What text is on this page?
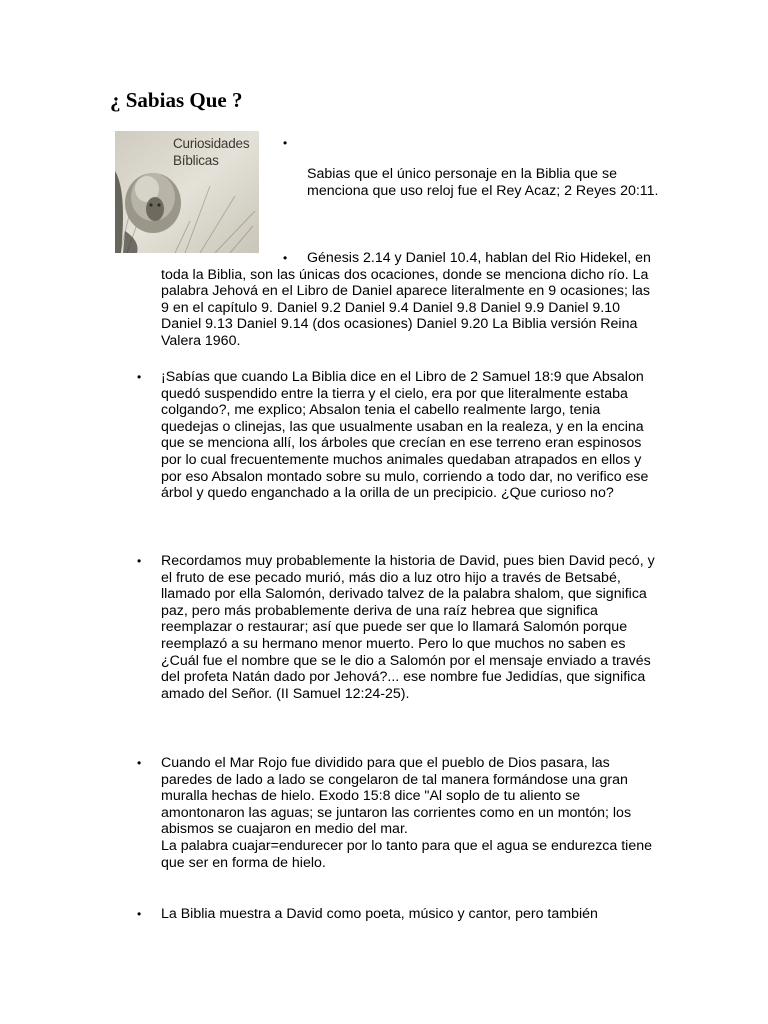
¿ Sabias Que ?
Curiosidades
Bíblicas
•

Sabias que el único personaje en la Biblia que se menciona que uso reloj fue el Rey Acaz; 2 Reyes 20:11.

•	Génesis 2.14 y Daniel 10.4, hablan del Rio Hidekel, en toda la Biblia, son las únicas dos ocaciones, donde se menciona dicho río. La palabra Jehová en el Libro de Daniel aparece literalmente en 9 ocasiones; las 9 en el capítulo 9. Daniel 9.2 Daniel 9.4 Daniel 9.8 Daniel 9.9 Daniel 9.10 Daniel 9.13 Daniel 9.14 (dos ocasiones) Daniel 9.20 La Biblia versión Reina Valera 1960.

• ¡Sabías que cuando La Biblia dice en el Libro de 2 Samuel 18:9 que Absalon quedó suspendido entre la tierra y el cielo, era por que literalmente estaba colgando?, me explico; Absalon tenia el cabello realmente largo, tenia quedejas o clinejas, las que usualmente usaban en la realeza, y en la encina que se menciona allí, los árboles que crecían en ese terreno eran espinosos por lo cual frecuentemente muchos animales quedaban atrapados en ellos y por eso Absalon montado sobre su mulo, corriendo a todo dar, no verifico ese árbol y quedo enganchado a la orilla de un precipicio. ¿Que curioso no?

• Recordamos muy probablemente la historia de David, pues bien David pecó, y el fruto de ese pecado murió, más dio a luz otro hijo a través de Betsabé, llamado por ella Salomón, derivado talvez de la palabra shalom, que significa paz, pero más probablemente deriva de una raíz hebrea que significa reemplazar o restaurar; así que puede ser que lo llamará Salomón porque reemplazó a su hermano menor muerto. Pero lo que muchos no saben es ¿Cuál fue el nombre que se le dio a Salomón por el mensaje enviado a través del profeta Natán dado por Jehová?... ese nombre fue Jedidías, que significa amado del Señor. (II Samuel 12:24-25).

• Cuando el Mar Rojo fue dividido para que el pueblo de Dios pasara, las paredes de lado a lado se congelaron de tal manera formándose una gran muralla hechas de hielo. Exodo 15:8 dice "Al soplo de tu aliento se amontonaron las aguas; se juntaron las corrientes como en un montón; los abismos se cuajaron en medio del mar.
La palabra cuajar=endurecer por lo tanto para que el agua se endurezca tiene que ser en forma de hielo.
• La Biblia muestra a David como poeta, músico y cantor, pero también
